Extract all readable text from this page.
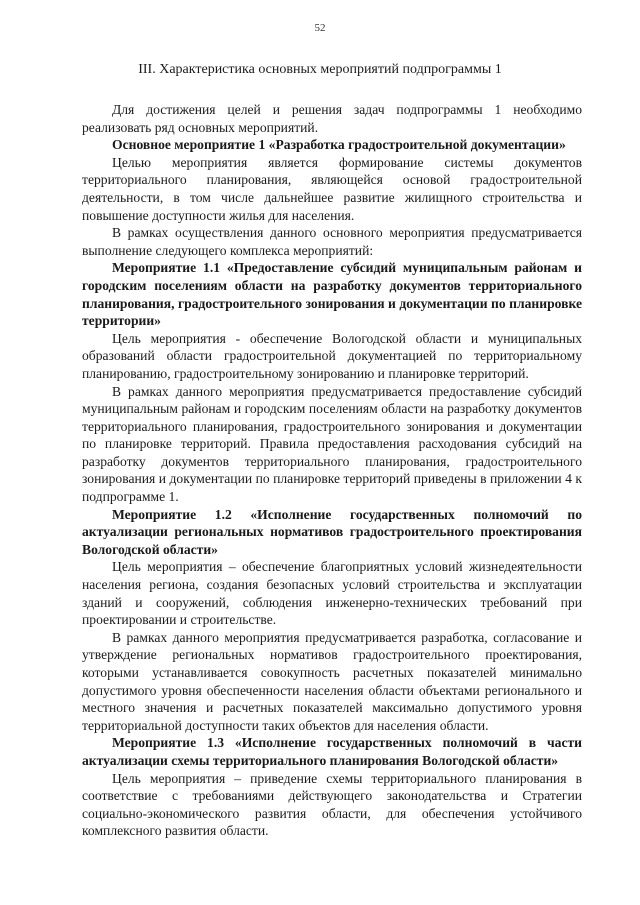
52
III. Характеристика основных мероприятий подпрограммы 1

Для достижения целей и решения задач подпрограммы 1 необходимо реализовать ряд основных мероприятий.

Основное мероприятие 1 «Разработка градостроительной документации»

Целью мероприятия является формирование системы документов территориального планирования, являющейся основой градостроительной деятельности, в том числе дальнейшее развитие жилищного строительства и повышение доступности жилья для населения.

В рамках осуществления данного основного мероприятия предусматривается выполнение следующего комплекса мероприятий:

Мероприятие 1.1 «Предоставление субсидий муниципальным районам и городским поселениям области на разработку документов территориального планирования, градостроительного зонирования и документации по планировке территории»

Цель мероприятия - обеспечение Вологодской области и муниципальных образований области градостроительной документацией по территориальному планированию, градостроительному зонированию и планировке территорий.

В рамках данного мероприятия предусматривается предоставление субсидий муниципальным районам и городским поселениям области на разработку документов территориального планирования, градостроительного зонирования и документации по планировке территорий. Правила предоставления расходования субсидий на разработку документов территориального планирования, градостроительного зонирования и документации по планировке территорий приведены в приложении 4 к подпрограмме 1.

Мероприятие 1.2 «Исполнение государственных полномочий по актуализации региональных нормативов градостроительного проектирования Вологодской области»

Цель мероприятия – обеспечение благоприятных условий жизнедеятельности населения региона, создания безопасных условий строительства и эксплуатации зданий и сооружений, соблюдения инженерно-технических требований при проектировании и строительстве.

В рамках данного мероприятия предусматривается разработка, согласование и утверждение региональных нормативов градостроительного проектирования, которыми устанавливается совокупность расчетных показателей минимально допустимого уровня обеспеченности населения области объектами регионального и местного значения и расчетных показателей максимально допустимого уровня территориальной доступности таких объектов для населения области.

Мероприятие 1.3 «Исполнение государственных полномочий в части актуализации схемы территориального планирования Вологодской области»

Цель мероприятия – приведение схемы территориального планирования в соответствие с требованиями действующего законодательства и Стратегии социально-экономического развития области, для обеспечения устойчивого комплексного развития области.
